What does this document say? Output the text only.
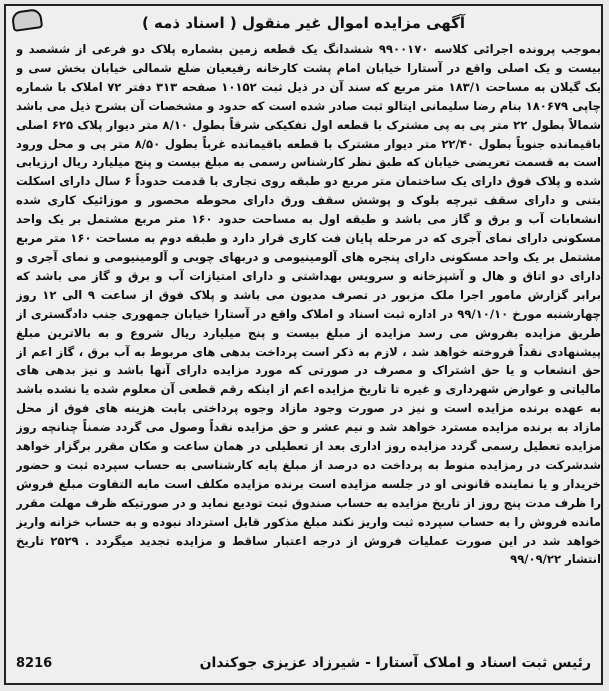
آگهی مزایده اموال غیر منقول ( اسناد ذمه )
بموجب پرونده اجرائی کلاسه ۹۹۰۰۱۷۰ ششدانگ یک قطعه زمین بشماره پلاک دو فرعی از ششصد و بیست و یک اصلی واقع در آستارا خیابان امام پشت کارخانه رفیعیان ضلع شمالی خیابان بخش سی و یک گیلان به مساحت ۱۸۳/۱ متر مربع که سند آن در ذیل ثبت ۱۰۱۵۲ صفحه ۳۱۳ دفتر ۷۲ املاک با شماره چاپی ۱۸۰۶۷۹ بنام رضا سلیمانی ایتالو ثبت صادر شده است که حدود و مشخصات آن بشرح ذیل می باشد شمالاً بطول ۲۲ متر پی به پی مشترک با قطعه اول تفکیکی شرقاً بطول ۸/۱۰ متر دیوار پلاک ۶۲۵ اصلی باقیمانده جنوباً بطول ۲۲/۴۰ متر دیوار مشترک با قطعه باقیمانده غرباً بطول ۸/۵۰ متر پی و محل ورود است به قسمت تعریضی خیابان که طبق نظر کارشناس رسمی به مبلغ بیست و پنج میلیارد ریال ارزیابی شده و پلاک فوق دارای یک ساختمان متر مربع دو طبقه روی تجاری با قدمت حدوداً ۶ سال دارای اسکلت بتنی و دارای سقف تیرچه بلوک و پوشش سقف ورق دارای محوطه محصور و موزائیک کاری شده انشعابات آب و برق و گاز می باشد و طبقه اول به مساحت حدود ۱۶۰ متر مربع مشتمل بر یک واحد مسکونی دارای نمای آجری که در مرحله پایان فت کاری قرار دارد و طبقه دوم به مساحت ۱۶۰ متر مربع مشتمل بر یک واحد مسکونی دارای پنجره های آلومینیومی و دربهای چوبی و آلومینیومی و نمای آجری و دارای دو اتاق و هال و آشپزخانه و سرویس بهداشتی و دارای امتیازات آب و برق و گاز می باشد که برابر گزارش مامور اجرا ملک مزبور در تصرف مدیون می باشد و پلاک فوق از ساعت ۹ الی ۱۲ روز چهارشنبه مورخ ۹۹/۱۰/۱۰ در اداره ثبت اسناد و املاک واقع در آستارا خیابان جمهوری جنب دادگستری از طریق مزایده بفروش می رسد مزایده از مبلغ بیست و پنج میلیارد ریال شروع و به بالاترین مبلغ پیشنهادی نقداً فروخته خواهد شد ، لازم به ذکر است پرداخت بدهی های مربوط به آب برق ، گاز اعم از حق انشعاب و یا حق اشتراک و مصرف در صورتی که مورد مزایده دارای آنها باشد و نیز بدهی های مالیاتی و عوارض شهرداری و غیره تا تاریخ مزایده اعم از اینکه رقم قطعی آن معلوم شده یا نشده باشد به عهده برنده مزایده است و نیز در صورت وجود مازاد وجوه پرداختی بابت هزینه های فوق از محل مازاد به برنده مزایده مسترد خواهد شد و نیم عشر و حق مزایده نقداً وصول می گردد ضمناً چنانچه روز مزایده تعطیل رسمی گردد مزایده روز اداری بعد از تعطیلی در همان ساعت و مکان مقرر برگزار خواهد شدشرکت در رمزایده منوط به پرداخت ده درصد از مبلغ پایه کارشناسی به حساب سپرده ثبت و حضور خریدار و یا نماینده قانونی او در جلسه مزایده است برنده مزایده مکلف است مابه التفاوت مبلغ فروش را ظرف مدت پنج روز از تاریخ مزایده به حساب صندوق ثبت تودیع نماید و در صورتیکه ظرف مهلت مقرر مانده فروش را به حساب سپرده ثبت واریز نکند مبلغ مذکور قابل استرداد نبوده و به حساب خزانه واریز خواهد شد در این صورت عملیات فروش از درجه اعتبار ساقط و مزایده تجدید میگردد . ۲۵۲۹ تاریخ انتشار ۹۹/۰۹/۲۲
رئیس ثبت اسناد و املاک آستارا - شیرزاد عزیزی جوکندان
8216
